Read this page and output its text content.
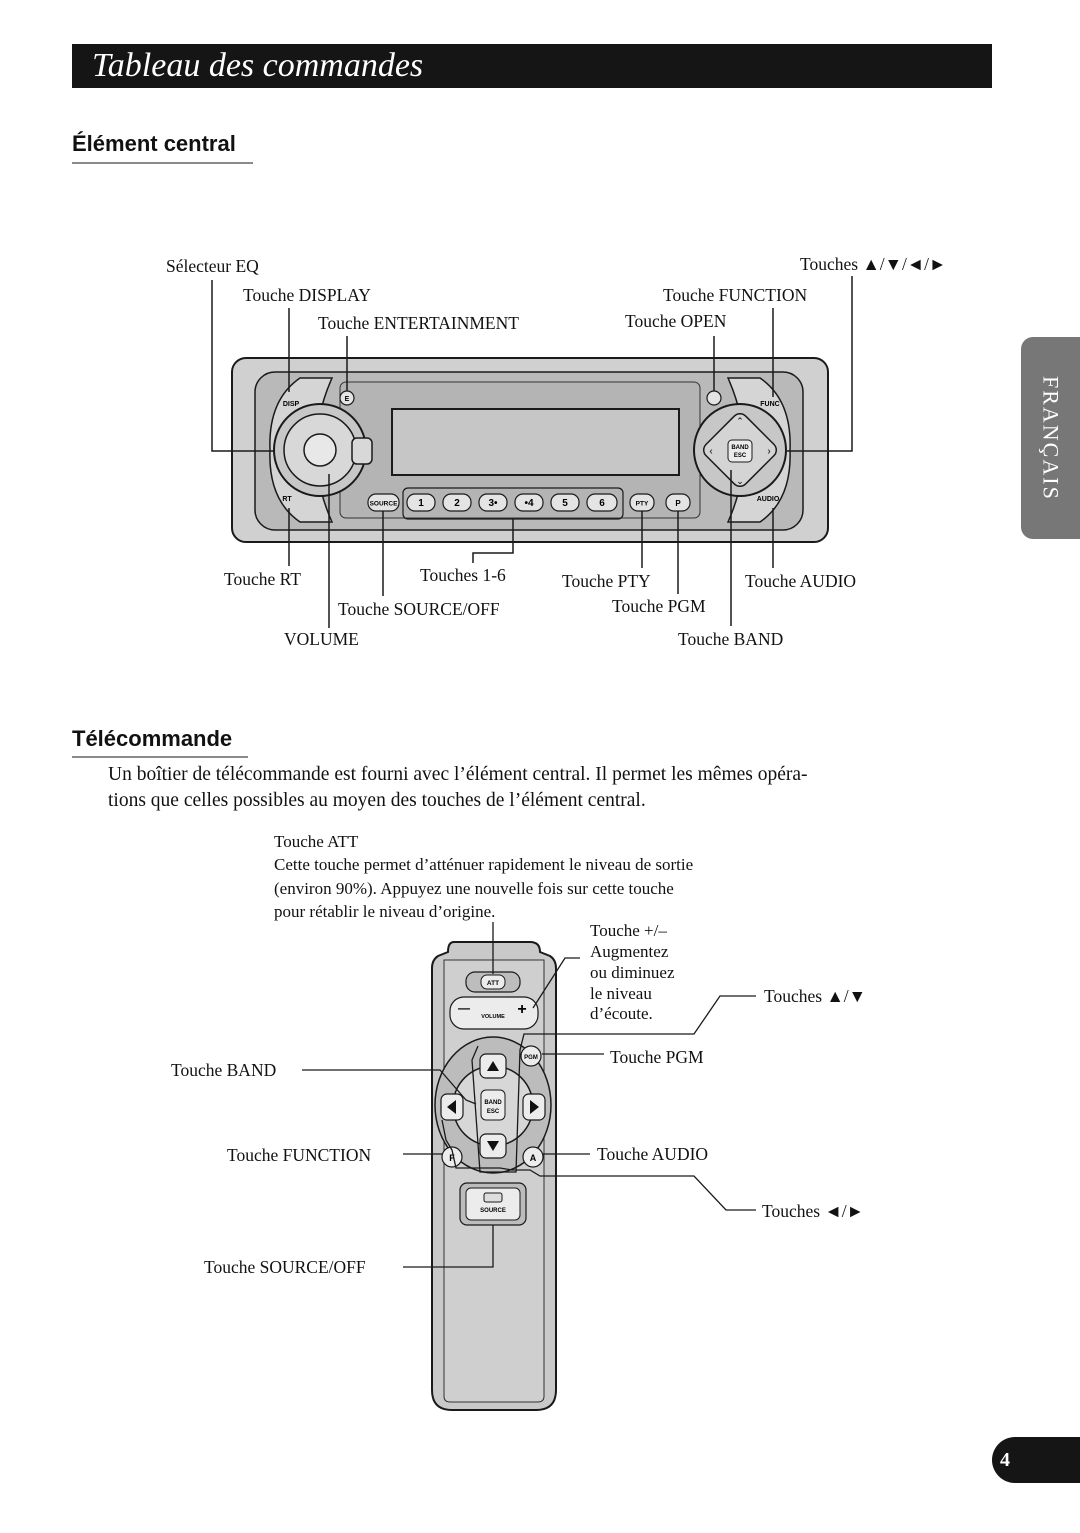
Tableau des commandes
FRANÇAIS
Élément central
BAND
ESC
⌃
⌄
‹	›
DISP
E
RT
FUNC
AUDIO
SOURCE 1	2	3•	•4	5	6	PTY	P
Sélecteur EQ
Touche DISPLAY
Touche ENTERTAINMENT
Touches ▲/▼/◄/►
Touche FUNCTION
Touche OPEN
Touche RT	Touches 1-6	Touche PTY	Touche AUDIO
Touche SOURCE/OFF	Touche PGM
VOLUME	Touche BAND
Télécommande
Un boîtier de télécommande est fourni avec l’élément central. Il permet les mêmes opéra-
tions que celles possibles au moyen des touches de l’élément central.
Touche ATT
Cette touche permet d’atténuer rapidement le niveau de sortie
(environ 90%). Appuyez une nouvelle fois sur cette touche
pour rétablir le niveau d’origine.
ATT
—	+
VOLUME
BAND
ESC
PGM
F	A
SOURCE
Touche +/–
Augmentez
ou diminuez
le niveau
d’écoute.
Touches ▲/▼
Touche PGM
Touche BAND
Touche FUNCTION	Touche AUDIO
Touches ◄/►
Touche SOURCE/OFF
4
